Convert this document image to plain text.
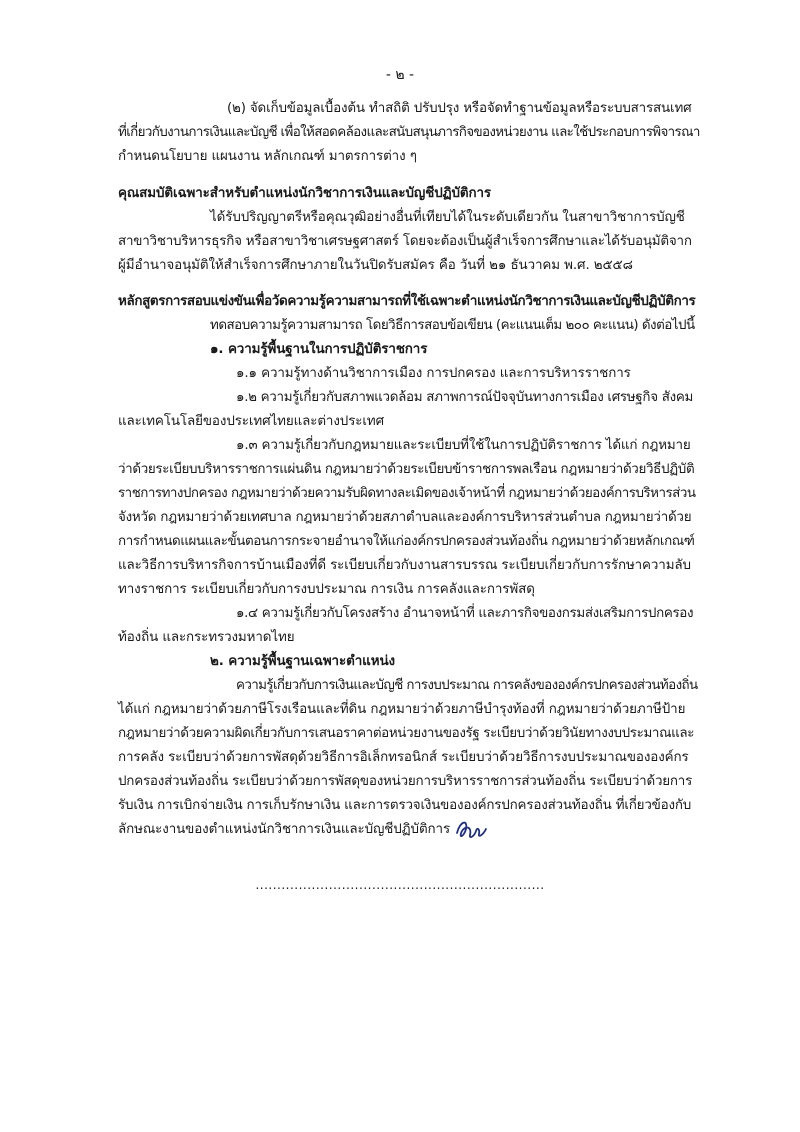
- ๒ -
(๒) จัดเก็บข้อมูลเบื้องต้น ทำสถิติ ปรับปรุง หรือจัดทำฐานข้อมูลหรือระบบสารสนเทศ
ที่เกี่ยวกับงานการเงินและบัญชี เพื่อให้สอดคล้องและสนับสนุนภารกิจของหน่วยงาน และใช้ประกอบการพิจารณา
กำหนดนโยบาย แผนงาน หลักเกณฑ์ มาตรการต่าง ๆ
คุณสมบัติเฉพาะสำหรับตำแหน่งนักวิชาการเงินและบัญชีปฏิบัติการ
ได้รับปริญญาตรีหรือคุณวุฒิอย่างอื่นที่เทียบได้ในระดับเดียวกัน ในสาขาวิชาการบัญชี
สาขาวิชาบริหารธุรกิจ หรือสาขาวิชาเศรษฐศาสตร์ โดยจะต้องเป็นผู้สำเร็จการศึกษาและได้รับอนุมัติจาก
ผู้มีอำนาจอนุมัติให้สำเร็จการศึกษาภายในวันปิดรับสมัคร คือ วันที่ ๒๑ ธันวาคม พ.ศ. ๒๕๕๘
หลักสูตรการสอบแข่งขันเพื่อวัดความรู้ความสามารถที่ใช้เฉพาะตำแหน่งนักวิชาการเงินและบัญชีปฏิบัติการ
ทดสอบความรู้ความสามารถ โดยวิธีการสอบข้อเขียน (คะแนนเต็ม ๒๐๐ คะแนน) ดังต่อไปนี้
๑. ความรู้พื้นฐานในการปฏิบัติราชการ
๑.๑ ความรู้ทางด้านวิชาการเมือง การปกครอง และการบริหารราชการ
๑.๒ ความรู้เกี่ยวกับสภาพแวดล้อม สภาพการณ์ปัจจุบันทางการเมือง เศรษฐกิจ สังคม
และเทคโนโลยีของประเทศไทยและต่างประเทศ
๑.๓ ความรู้เกี่ยวกับกฎหมายและระเบียบที่ใช้ในการปฏิบัติราชการ ได้แก่ กฎหมาย
ว่าด้วยระเบียบบริหารราชการแผ่นดิน กฎหมายว่าด้วยระเบียบข้าราชการพลเรือน กฎหมายว่าด้วยวิธีปฏิบัติ
ราชการทางปกครอง กฎหมายว่าด้วยความรับผิดทางละเมิดของเจ้าหน้าที่ กฎหมายว่าด้วยองค์การบริหารส่วน
จังหวัด กฎหมายว่าด้วยเทศบาล กฎหมายว่าด้วยสภาตำบลและองค์การบริหารส่วนตำบล กฎหมายว่าด้วย
การกำหนดแผนและขั้นตอนการกระจายอำนาจให้แก่องค์กรปกครองส่วนท้องถิ่น กฎหมายว่าด้วยหลักเกณฑ์
และวิธีการบริหารกิจการบ้านเมืองที่ดี ระเบียบเกี่ยวกับงานสารบรรณ ระเบียบเกี่ยวกับการรักษาความลับ
ทางราชการ ระเบียบเกี่ยวกับการงบประมาณ การเงิน การคลังและการพัสดุ
๑.๔ ความรู้เกี่ยวกับโครงสร้าง อำนาจหน้าที่ และภารกิจของกรมส่งเสริมการปกครอง
ท้องถิ่น และกระทรวงมหาดไทย
๒. ความรู้พื้นฐานเฉพาะตำแหน่ง
ความรู้เกี่ยวกับการเงินและบัญชี การงบประมาณ การคลังขององค์กรปกครองส่วนท้องถิ่น
ได้แก่ กฎหมายว่าด้วยภาษีโรงเรือนและที่ดิน กฎหมายว่าด้วยภาษีบำรุงท้องที่ กฎหมายว่าด้วยภาษีป้าย
กฎหมายว่าด้วยความผิดเกี่ยวกับการเสนอราคาต่อหน่วยงานของรัฐ ระเบียบว่าด้วยวินัยทางงบประมาณและ
การคลัง ระเบียบว่าด้วยการพัสดุด้วยวิธีการอิเล็กทรอนิกส์ ระเบียบว่าด้วยวิธีการงบประมาณขององค์กร
ปกครองส่วนท้องถิ่น ระเบียบว่าด้วยการพัสดุของหน่วยการบริหารราชการส่วนท้องถิ่น ระเบียบว่าด้วยการ
รับเงิน การเบิกจ่ายเงิน การเก็บรักษาเงิน และการตรวจเงินขององค์กรปกครองส่วนท้องถิ่น ที่เกี่ยวข้องกับ
ลักษณะงานของตำแหน่งนักวิชาการเงินและบัญชีปฏิบัติการ
...................................................................
